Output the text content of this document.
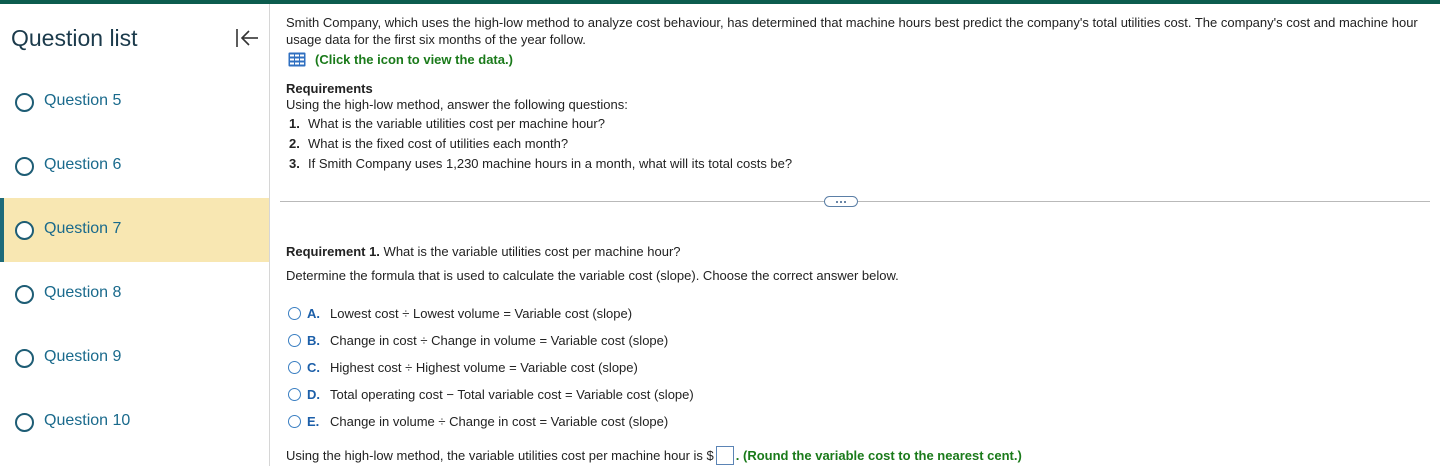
Question list
Question 5
Question 6
Question 7
Question 8
Question 9
Question 10

Smith Company, which uses the high-low method to analyze cost behaviour, has determined that machine hours best predict the company's total utilities cost. The company's cost and machine hour usage data for the first six months of the year follow.

(Click the icon to view the data.)
Requirements
Using the high-low method, answer the following questions:
1. What is the variable utilities cost per machine hour?
2. What is the fixed cost of utilities each month?
3. If Smith Company uses 1,230 machine hours in a month, what will its total costs be?
Requirement 1. What is the variable utilities cost per machine hour?
Determine the formula that is used to calculate the variable cost (slope). Choose the correct answer below.
A. Lowest cost ÷ Lowest volume = Variable cost (slope)
B. Change in cost ÷ Change in volume = Variable cost (slope)
C. Highest cost ÷ Highest volume = Variable cost (slope)
D. Total operating cost − Total variable cost = Variable cost (slope)
E. Change in volume ÷ Change in cost = Variable cost (slope)
Using the high-low method, the variable utilities cost per machine hour is $ . (Round the variable cost to the nearest cent.)
